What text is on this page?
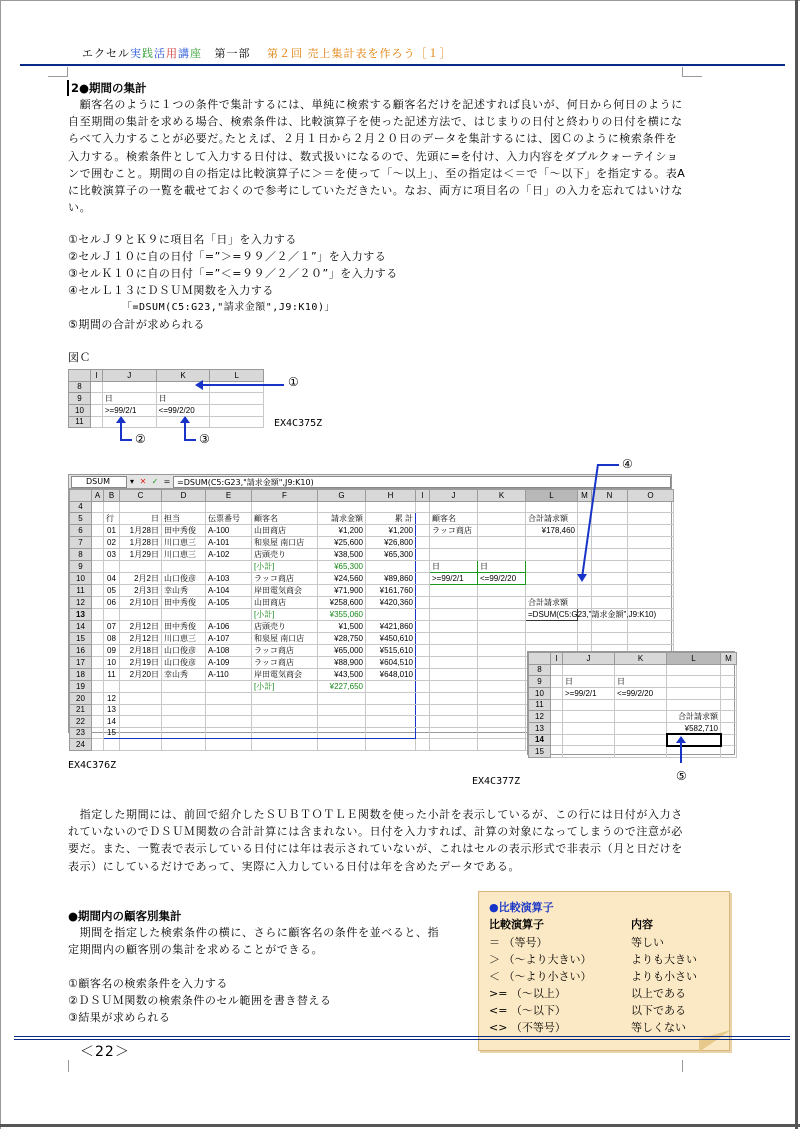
エクセル実践活用講座 第一部 第２回 売上集計表を作ろう［１］
2●期間の集計
　顧客名のように１つの条件で集計するには、単純に検索する顧客名だけを記述すれば良いが、何日から何日のように自至期間の集計を求める場合、検索条件は、比較演算子を使った記述方法で、はじまりの日付と終わりの日付を横にならべて入力することが必要だ｡たとえば、２月１日から２月２０日のデータを集計するには、図Ｃのように検索条件を入力する。検索条件として入力する日付は、数式扱いになるので、先頭に=を付け、入力内容をダブルクォーテイションで囲むこと。期間の自の指定は比較演算子に＞＝を使って「～以上」、至の指定は＜＝で「～以下」を指定する。表Aに比較演算子の一覧を載せておくので参考にしていただきたい。なお、両方に項目名の「日」の入力を忘れてはいけない。
①セルＪ９とＫ９に項目名「日」を入力する
②セルＪ１０に自の日付「=”＞=９９／２／１”」を入力する
③セルＫ１０に自の日付「=”＜=９９／２／２０”」を入力する
④セルＬ１３にＤＳＵＭ関数を入力する
「=DSUM(C5:G23,"請求金額",J9:K10)」
⑤期間の合計が求められる
図Ｃ
	I	J	K	L
8				
9		日	日	
10		>=99/2/1	<=99/2/20	
11				
①
②	③
EX4C375Z
DSUM	▾ ✕ ✓ = =DSUM(C5:G23,"請求金額",J9:K10)
	A	B	C	D	E	F	G	H	I	J	K	L	M	N	O
4															
5		行	日	担当	伝票番号	顧客名	請求金額	累 計		顧客名		合計請求額			
6		01	1月28日	田中秀俊	A-100	山田商店	¥1,200	¥1,200		ラッコ商店		¥178,460			
7		02	1月28日	川口恵三	A-101	和泉屋 南口店	¥25,600	¥26,800							
8		03	1月29日	川口恵三	A-102	店頭売り	¥38,500	¥65,300							
9						[小計]	¥65,300			日	日				
10		04	2月2日	山口俊彦	A-103	ラッコ商店	¥24,560	¥89,860		>=99/2/1	<=99/2/20				
11		05	2月3日	幸山秀	A-104	岸田電気商会	¥71,900	¥161,760							
12		06	2月10日	田中秀俊	A-105	山田商店	¥258,600	¥420,360				合計請求額			
13						[小計]	¥355,060					=DSUM(C5:G23,"請求金額",J9:K10)			
14		07	2月12日	田中秀俊	A-106	店頭売り	¥1,500	¥421,860							
15		08	2月12日	川口恵三	A-107	和泉屋 南口店	¥28,750	¥450,610							
16		09	2月18日	山口俊彦	A-108	ラッコ商店	¥65,000	¥515,610							
17		10	2月19日	山口俊彦	A-109	ラッコ商店	¥88,900	¥604,510							
18		11	2月20日	幸山秀	A-110	岸田電気商会	¥43,500	¥648,010							
19						[小計]	¥227,650								
20		12													
21		13													
22		14													
23		15													
24															
EX4C376Z
④
	I	J	K	L	M
8					
9		日	日		
10		>=99/2/1	<=99/2/20		
11					
12				合計請求額	
13				¥582,710	
14					
15					
⑤
EX4C377Z
　指定した期間には、前回で紹介したＳＵＢＴＯＴＬＥ関数を使った小計を表示しているが、この行には日付が入力されていないのでＤＳＵＭ関数の合計計算には含まれない。日付を入力すれば、計算の対象になってしまうので注意が必要だ。また、一覧表で表示している日付には年は表示されていないが、これはセルの表示形式で非表示（月と日だけを表示）にしているだけであって、実際に入力している日付は年を含めたデータである。
●期間内の顧客別集計
　期間を指定した検索条件の横に、さらに顧客名の条件を並べると、指定期間内の顧客別の集計を求めることができる。
①顧客名の検索条件を入力する
②ＤＳＵＭ関数の検索条件のセル範囲を書き替える
③結果が求められる
●比較演算子
比較演算子	内容
＝ （等号）	等しい
＞ （～より大きい）	よりも大きい
＜ （～より小さい）	よりも小さい
>= （～以上）	以上である
<= （～以下）	以下である
<> （不等号）	等しくない
＜22＞
